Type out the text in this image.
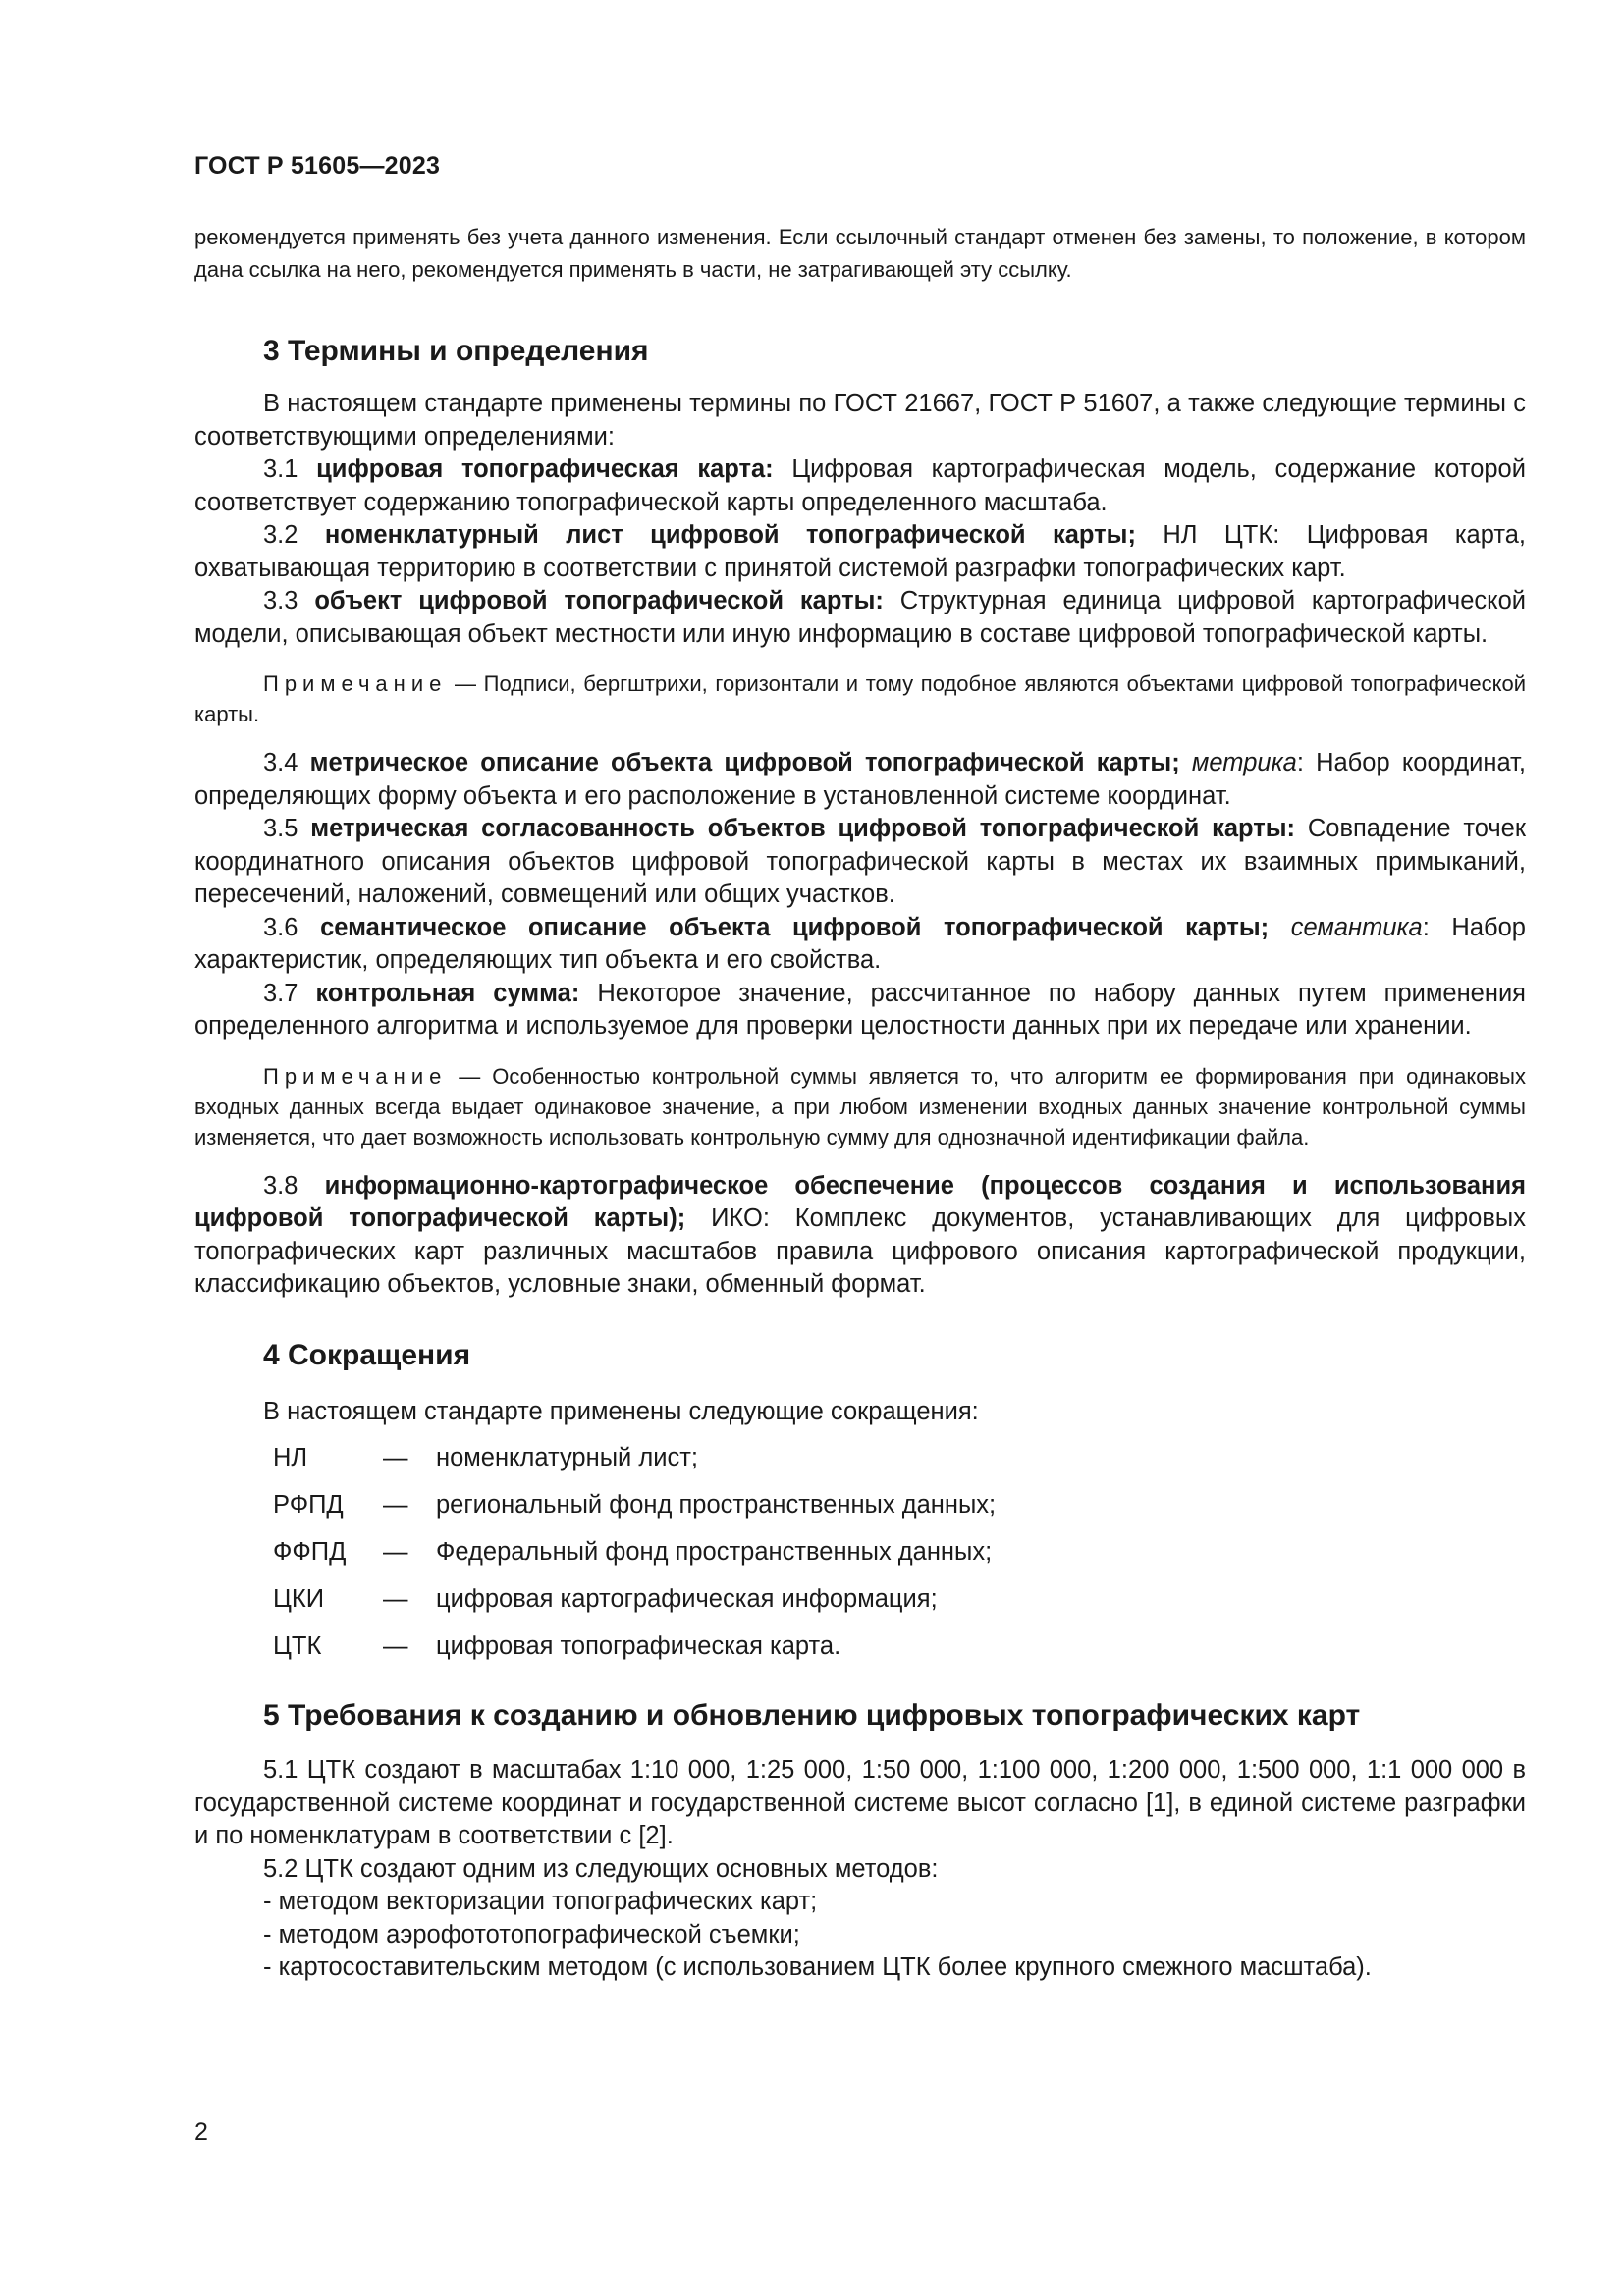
ГОСТ Р 51605—2023

рекомендуется применять без учета данного изменения. Если ссылочный стандарт отменен без замены, то положение, в котором дана ссылка на него, рекомендуется применять в части, не затрагивающей эту ссылку.

3 Термины и определения

В настоящем стандарте применены термины по ГОСТ 21667, ГОСТ Р 51607, а также следующие термины с соответствующими определениями:

3.1 цифровая топографическая карта: Цифровая картографическая модель, содержание которой соответствует содержанию топографической карты определенного масштаба.

3.2 номенклатурный лист цифровой топографической карты; НЛ ЦТК: Цифровая карта, охватывающая территорию в соответствии с принятой системой разграфки топографических карт.

3.3 объект цифровой топографической карты: Структурная единица цифровой картографической модели, описывающая объект местности или иную информацию в составе цифровой топографической карты.

Примечание — Подписи, бергштрихи, горизонтали и тому подобное являются объектами цифровой топографической карты.

3.4 метрическое описание объекта цифровой топографической карты; метрика: Набор координат, определяющих форму объекта и его расположение в установленной системе координат.

3.5 метрическая согласованность объектов цифровой топографической карты: Совпадение точек координатного описания объектов цифровой топографической карты в местах их взаимных примыканий, пересечений, наложений, совмещений или общих участков.

3.6 семантическое описание объекта цифровой топографической карты; семантика: Набор характеристик, определяющих тип объекта и его свойства.

3.7 контрольная сумма: Некоторое значение, рассчитанное по набору данных путем применения определенного алгоритма и используемое для проверки целостности данных при их передаче или хранении.

Примечание — Особенностью контрольной суммы является то, что алгоритм ее формирования при одинаковых входных данных всегда выдает одинаковое значение, а при любом изменении входных данных значение контрольной суммы изменяется, что дает возможность использовать контрольную сумму для однозначной идентификации файла.

3.8 информационно-картографическое обеспечение (процессов создания и использования цифровой топографической карты); ИКО: Комплекс документов, устанавливающих для цифровых топографических карт различных масштабов правила цифрового описания картографической продукции, классификацию объектов, условные знаки, обменный формат.

4 Сокращения

В настоящем стандарте применены следующие сокращения:

НЛ	—	номенклатурный лист;
РФПД	—	региональный фонд пространственных данных;
ФФПД	—	Федеральный фонд пространственных данных;
ЦКИ	—	цифровая картографическая информация;
ЦТК	—	цифровая топографическая карта.
5 Требования к созданию и обновлению цифровых топографических карт

5.1 ЦТК создают в масштабах 1:10 000, 1:25 000, 1:50 000, 1:100 000, 1:200 000, 1:500 000, 1:1 000 000 в государственной системе координат и государственной системе высот согласно [1], в единой системе разграфки и по номенклатурам в соответствии с [2].

5.2 ЦТК создают одним из следующих основных методов:

- методом векторизации топографических карт;
- методом аэрофототопографической съемки;
- картосоставительским методом (с использованием ЦТК более крупного смежного масштаба).
2
